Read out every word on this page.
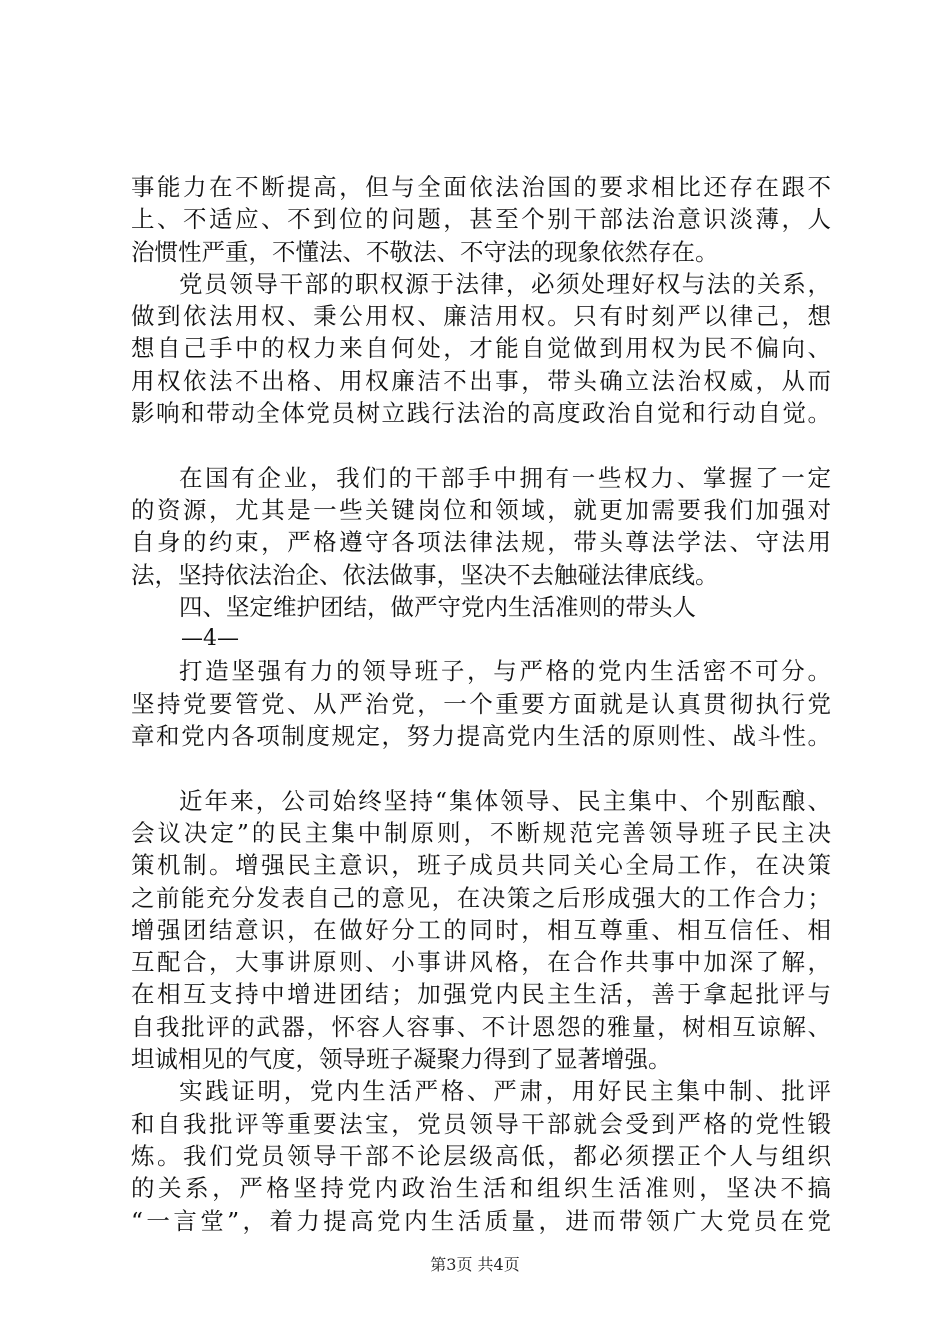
事能力在不断提高，但与全面依法治国的要求相比还存在跟不
上、不适应、不到位的问题，甚至个别干部法治意识淡薄，人
治惯性严重，不懂法、不敬法、不守法的现象依然存在。
党员领导干部的职权源于法律，必须处理好权与法的关系，
做到依法用权、秉公用权、廉洁用权。只有时刻严以律己，想
想自己手中的权力来自何处，才能自觉做到用权为民不偏向、
用权依法不出格、用权廉洁不出事，带头确立法治权威，从而
影响和带动全体党员树立践行法治的高度政治自觉和行动自觉。
在国有企业，我们的干部手中拥有一些权力、掌握了一定
的资源，尤其是一些关键岗位和领域，就更加需要我们加强对
自身的约束，严格遵守各项法律法规，带头尊法学法、守法用
法，坚持依法治企、依法做事，坚决不去触碰法律底线。
四、坚定维护团结，做严守党内生活准则的带头人
—4—
打造坚强有力的领导班子，与严格的党内生活密不可分。
坚持党要管党、从严治党，一个重要方面就是认真贯彻执行党
章和党内各项制度规定，努力提高党内生活的原则性、战斗性。
近年来，公司始终坚持“集体领导、民主集中、个别酝酿、
会议决定”的民主集中制原则，不断规范完善领导班子民主决
策机制。增强民主意识，班子成员共同关心全局工作，在决策
之前能充分发表自己的意见，在决策之后形成强大的工作合力；
增强团结意识，在做好分工的同时，相互尊重、相互信任、相
互配合，大事讲原则、小事讲风格，在合作共事中加深了解，
在相互支持中增进团结；加强党内民主生活，善于拿起批评与
自我批评的武器，怀容人容事、不计恩怨的雅量，树相互谅解、
坦诚相见的气度，领导班子凝聚力得到了显著增强。
实践证明，党内生活严格、严肃，用好民主集中制、批评
和自我批评等重要法宝，党员领导干部就会受到严格的党性锻
炼。我们党员领导干部不论层级高低，都必须摆正个人与组织
的关系，严格坚持党内政治生活和组织生活准则，坚决不搞
“一言堂”，着力提高党内生活质量，进而带领广大党员在党
第3页 共4页
